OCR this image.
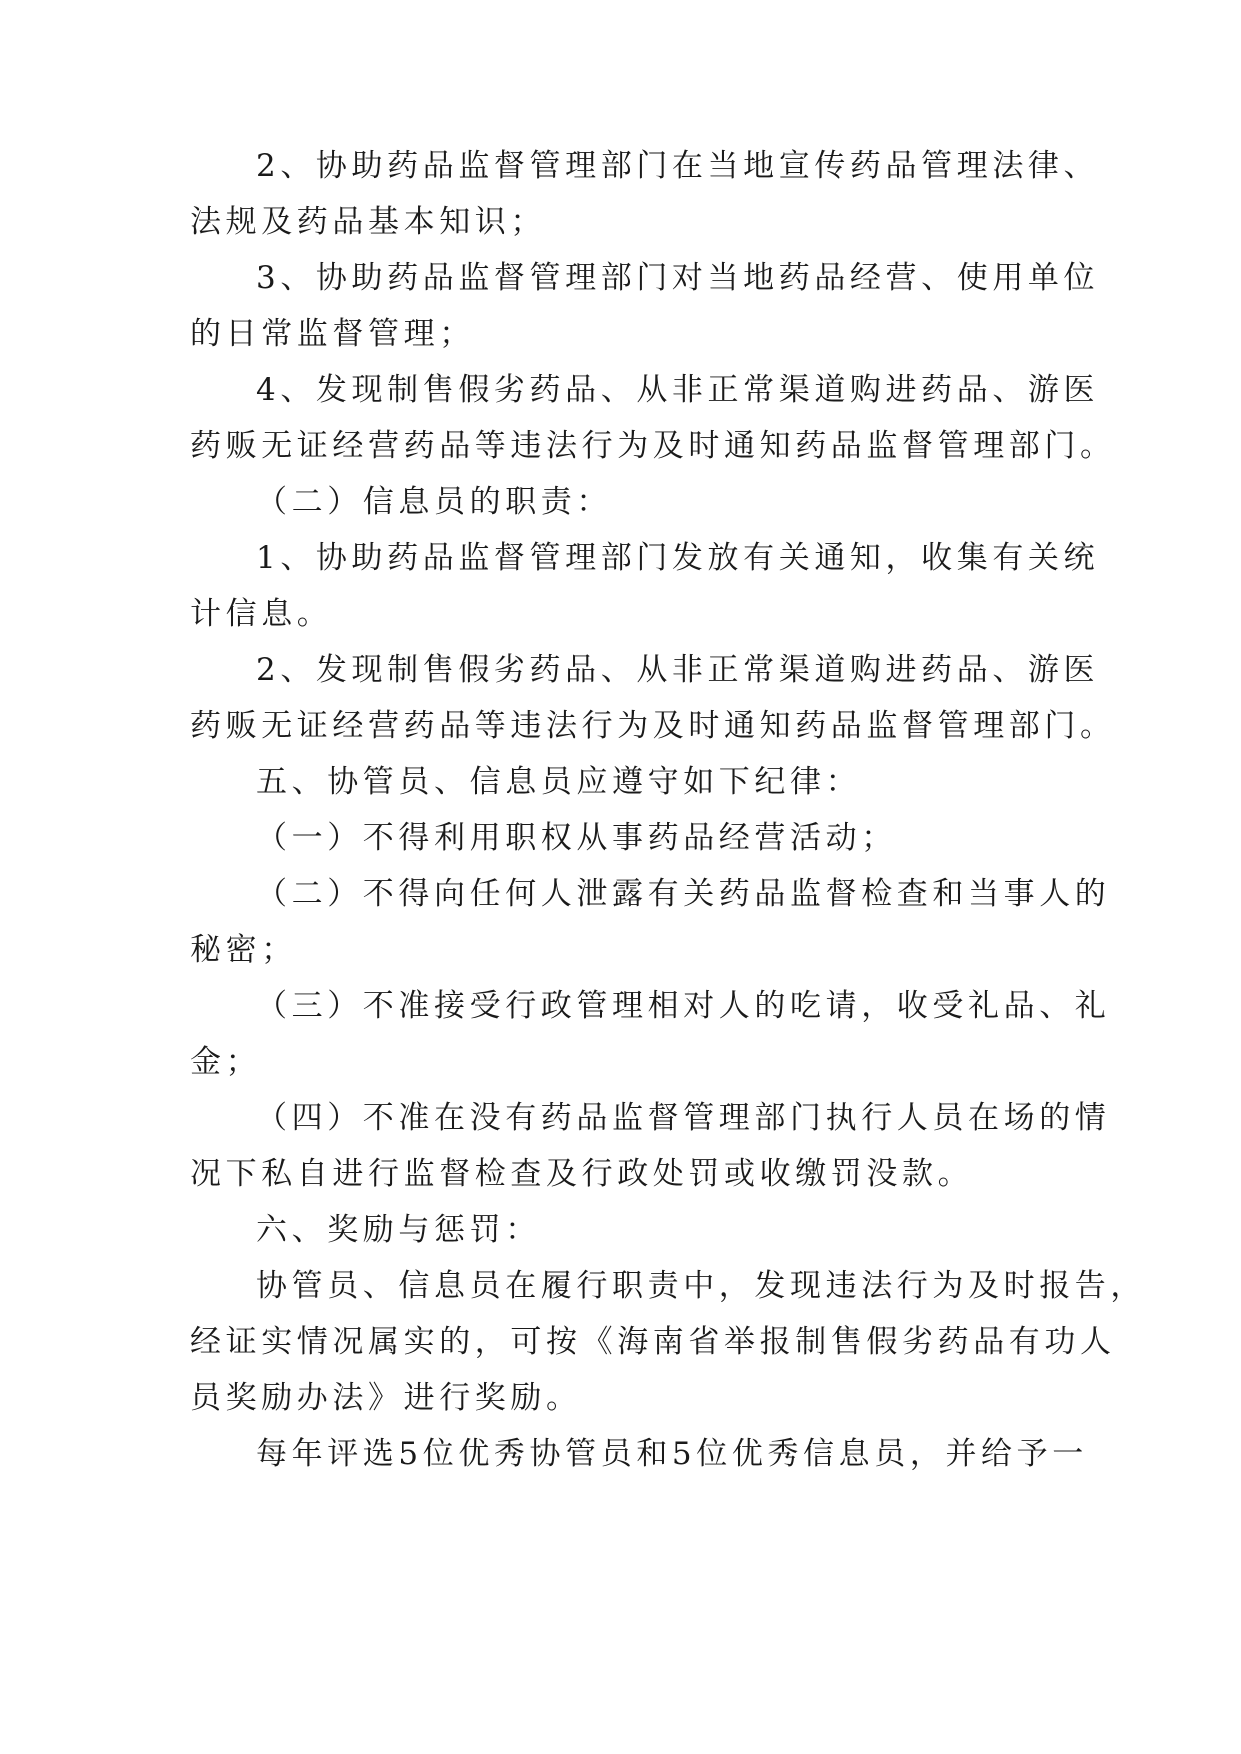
2、协助药品监督管理部门在当地宣传药品管理法律、
法规及药品基本知识；
3、协助药品监督管理部门对当地药品经营、使用单位
的日常监督管理；
4、发现制售假劣药品、从非正常渠道购进药品、游医
药贩无证经营药品等违法行为及时通知药品监督管理部门。
（二）信息员的职责：
1、协助药品监督管理部门发放有关通知，收集有关统
计信息。
2、发现制售假劣药品、从非正常渠道购进药品、游医
药贩无证经营药品等违法行为及时通知药品监督管理部门。
五、协管员、信息员应遵守如下纪律：
（一）不得利用职权从事药品经营活动；
（二）不得向任何人泄露有关药品监督检查和当事人的
秘密；
（三）不准接受行政管理相对人的吃请，收受礼品、礼
金；
（四）不准在没有药品监督管理部门执行人员在场的情
况下私自进行监督检查及行政处罚或收缴罚没款。
六、奖励与惩罚：
协管员、信息员在履行职责中，发现违法行为及时报告，
经证实情况属实的，可按《海南省举报制售假劣药品有功人
员奖励办法》进行奖励。
每年评选5位优秀协管员和5位优秀信息员，并给予一
